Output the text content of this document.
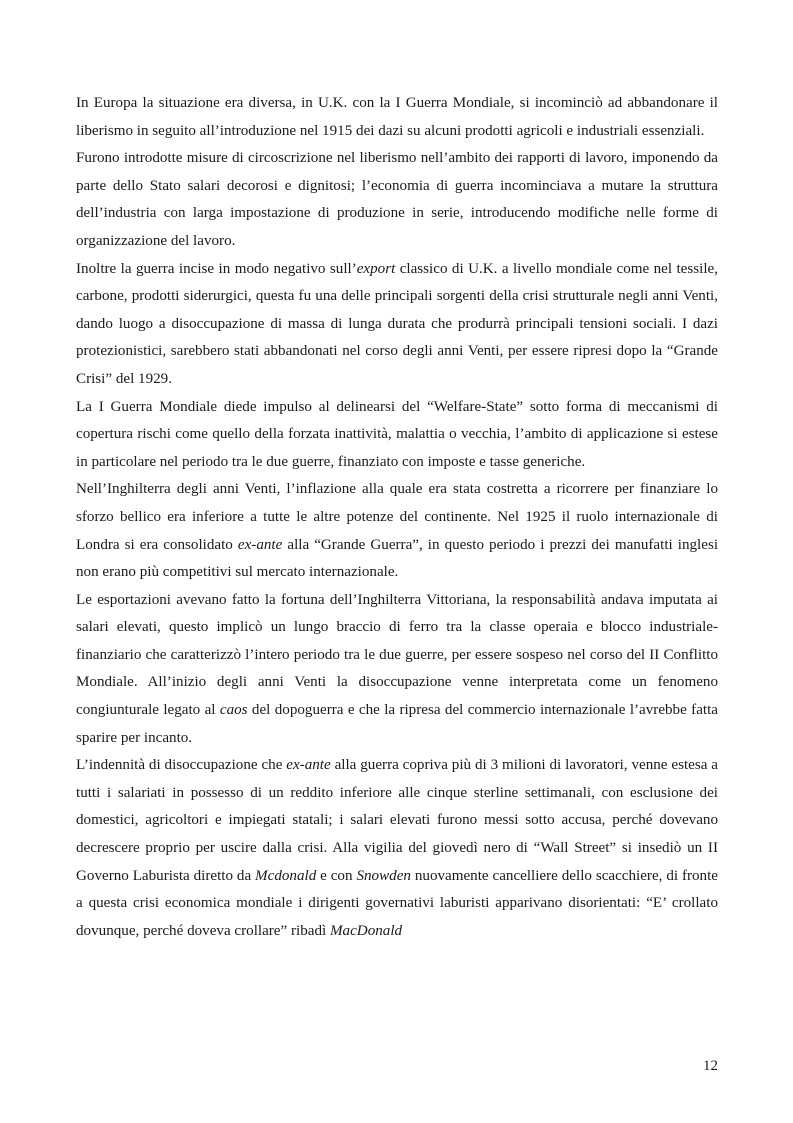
In Europa la situazione era diversa, in U.K. con la I Guerra Mondiale, si incominciò ad abbandonare il liberismo in seguito all’introduzione nel 1915 dei dazi su alcuni prodotti agricoli e industriali essenziali.

Furono introdotte misure di circoscrizione nel liberismo nell’ambito dei rapporti di lavoro, imponendo da parte dello Stato salari decorosi e dignitosi; l’economia di guerra incominciava a mutare la struttura dell’industria con larga impostazione di produzione in serie, introducendo modifiche nelle forme di organizzazione del lavoro.

Inoltre la guerra incise in modo negativo sull’export classico di U.K. a livello mondiale come nel tessile, carbone, prodotti siderurgici, questa fu una delle principali sorgenti della crisi strutturale negli anni Venti, dando luogo a disoccupazione di massa di lunga durata che produrrà principali tensioni sociali. I dazi protezionistici, sarebbero stati abbandonati nel corso degli anni Venti, per essere ripresi dopo la “Grande Crisi” del 1929.

La I Guerra Mondiale diede impulso al delinearsi del “Welfare-State” sotto forma di meccanismi di copertura rischi come quello della forzata inattività, malattia o vecchia, l’ambito di applicazione si estese in particolare nel periodo tra le due guerre, finanziato con imposte e tasse generiche.

Nell’Inghilterra degli anni Venti, l’inflazione alla quale era stata costretta a ricorrere per finanziare lo sforzo bellico era inferiore a tutte le altre potenze del continente. Nel 1925 il ruolo internazionale di Londra si era consolidato ex-ante alla “Grande Guerra”, in questo periodo i prezzi dei manufatti inglesi non erano più competitivi sul mercato internazionale.

Le esportazioni avevano fatto la fortuna dell’Inghilterra Vittoriana, la responsabilità andava imputata ai salari elevati, questo implicò un lungo braccio di ferro tra la classe operaia e blocco industriale-finanziario che caratterizzò l’intero periodo tra le due guerre, per essere sospeso nel corso del II Conflitto Mondiale. All’inizio degli anni Venti la disoccupazione venne interpretata come un fenomeno congiunturale legato al caos del dopoguerra e che la ripresa del commercio internazionale l’avrebbe fatta sparire per incanto.

L’indennità di disoccupazione che ex-ante alla guerra copriva più di 3 milioni di lavoratori, venne estesa a tutti i salariati in possesso di un reddito inferiore alle cinque sterline settimanali, con esclusione dei domestici, agricoltori e impiegati statali; i salari elevati furono messi sotto accusa, perché dovevano decrescere proprio per uscire dalla crisi. Alla vigilia del giovedì nero di “Wall Street” si insediò un II Governo Laburista diretto da Mcdonald e con Snowden nuovamente cancelliere dello scacchiere, di fronte a questa crisi economica mondiale i dirigenti governativi laburisti apparivano disorientati: “E’ crollato dovunque, perché doveva crollare” ribadì MacDonald

12
